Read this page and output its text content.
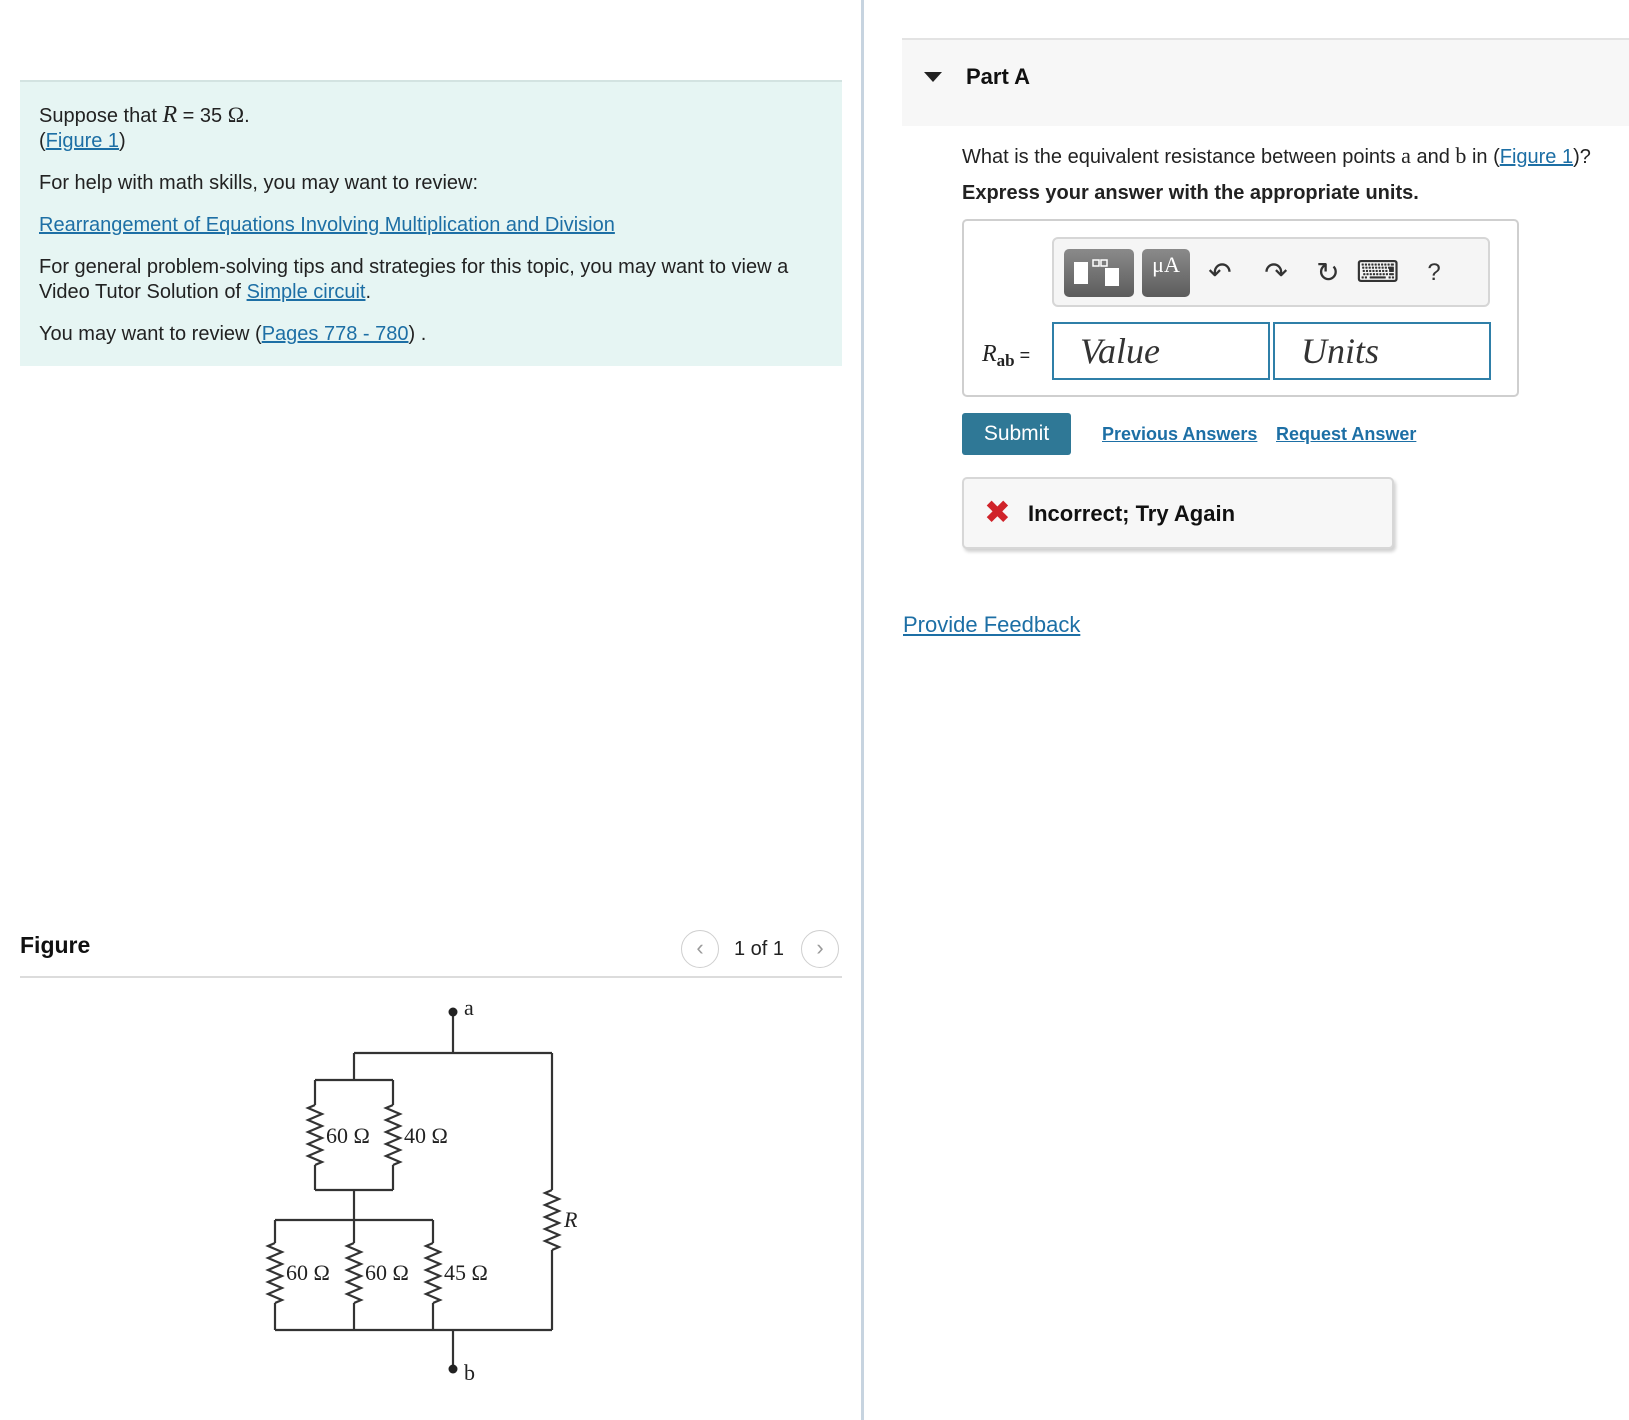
Suppose that R = 35 Ω.

(Figure 1)

For help with math skills, you may want to review:

Rearrangement of Equations Involving Multiplication and Division

For general problem-solving tips and strategies for this topic, you may want to view a Video Tutor Solution of Simple circuit.

You may want to review (Pages 778 - 780) .

Figure	‹	1 of 1	›
a
b
60 Ω 40 Ω
60 Ω 60 Ω 45 Ω
R
Part A
What is the equivalent resistance between points a and b in (Figure 1)?
Express your answer with the appropriate units.
μA	↶ ↷ ↻ ⌨	?
$R_{ab}$ =
Value
Units
Submit	Previous Answers Request Answer
✖ Incorrect; Try Again
Provide Feedback
